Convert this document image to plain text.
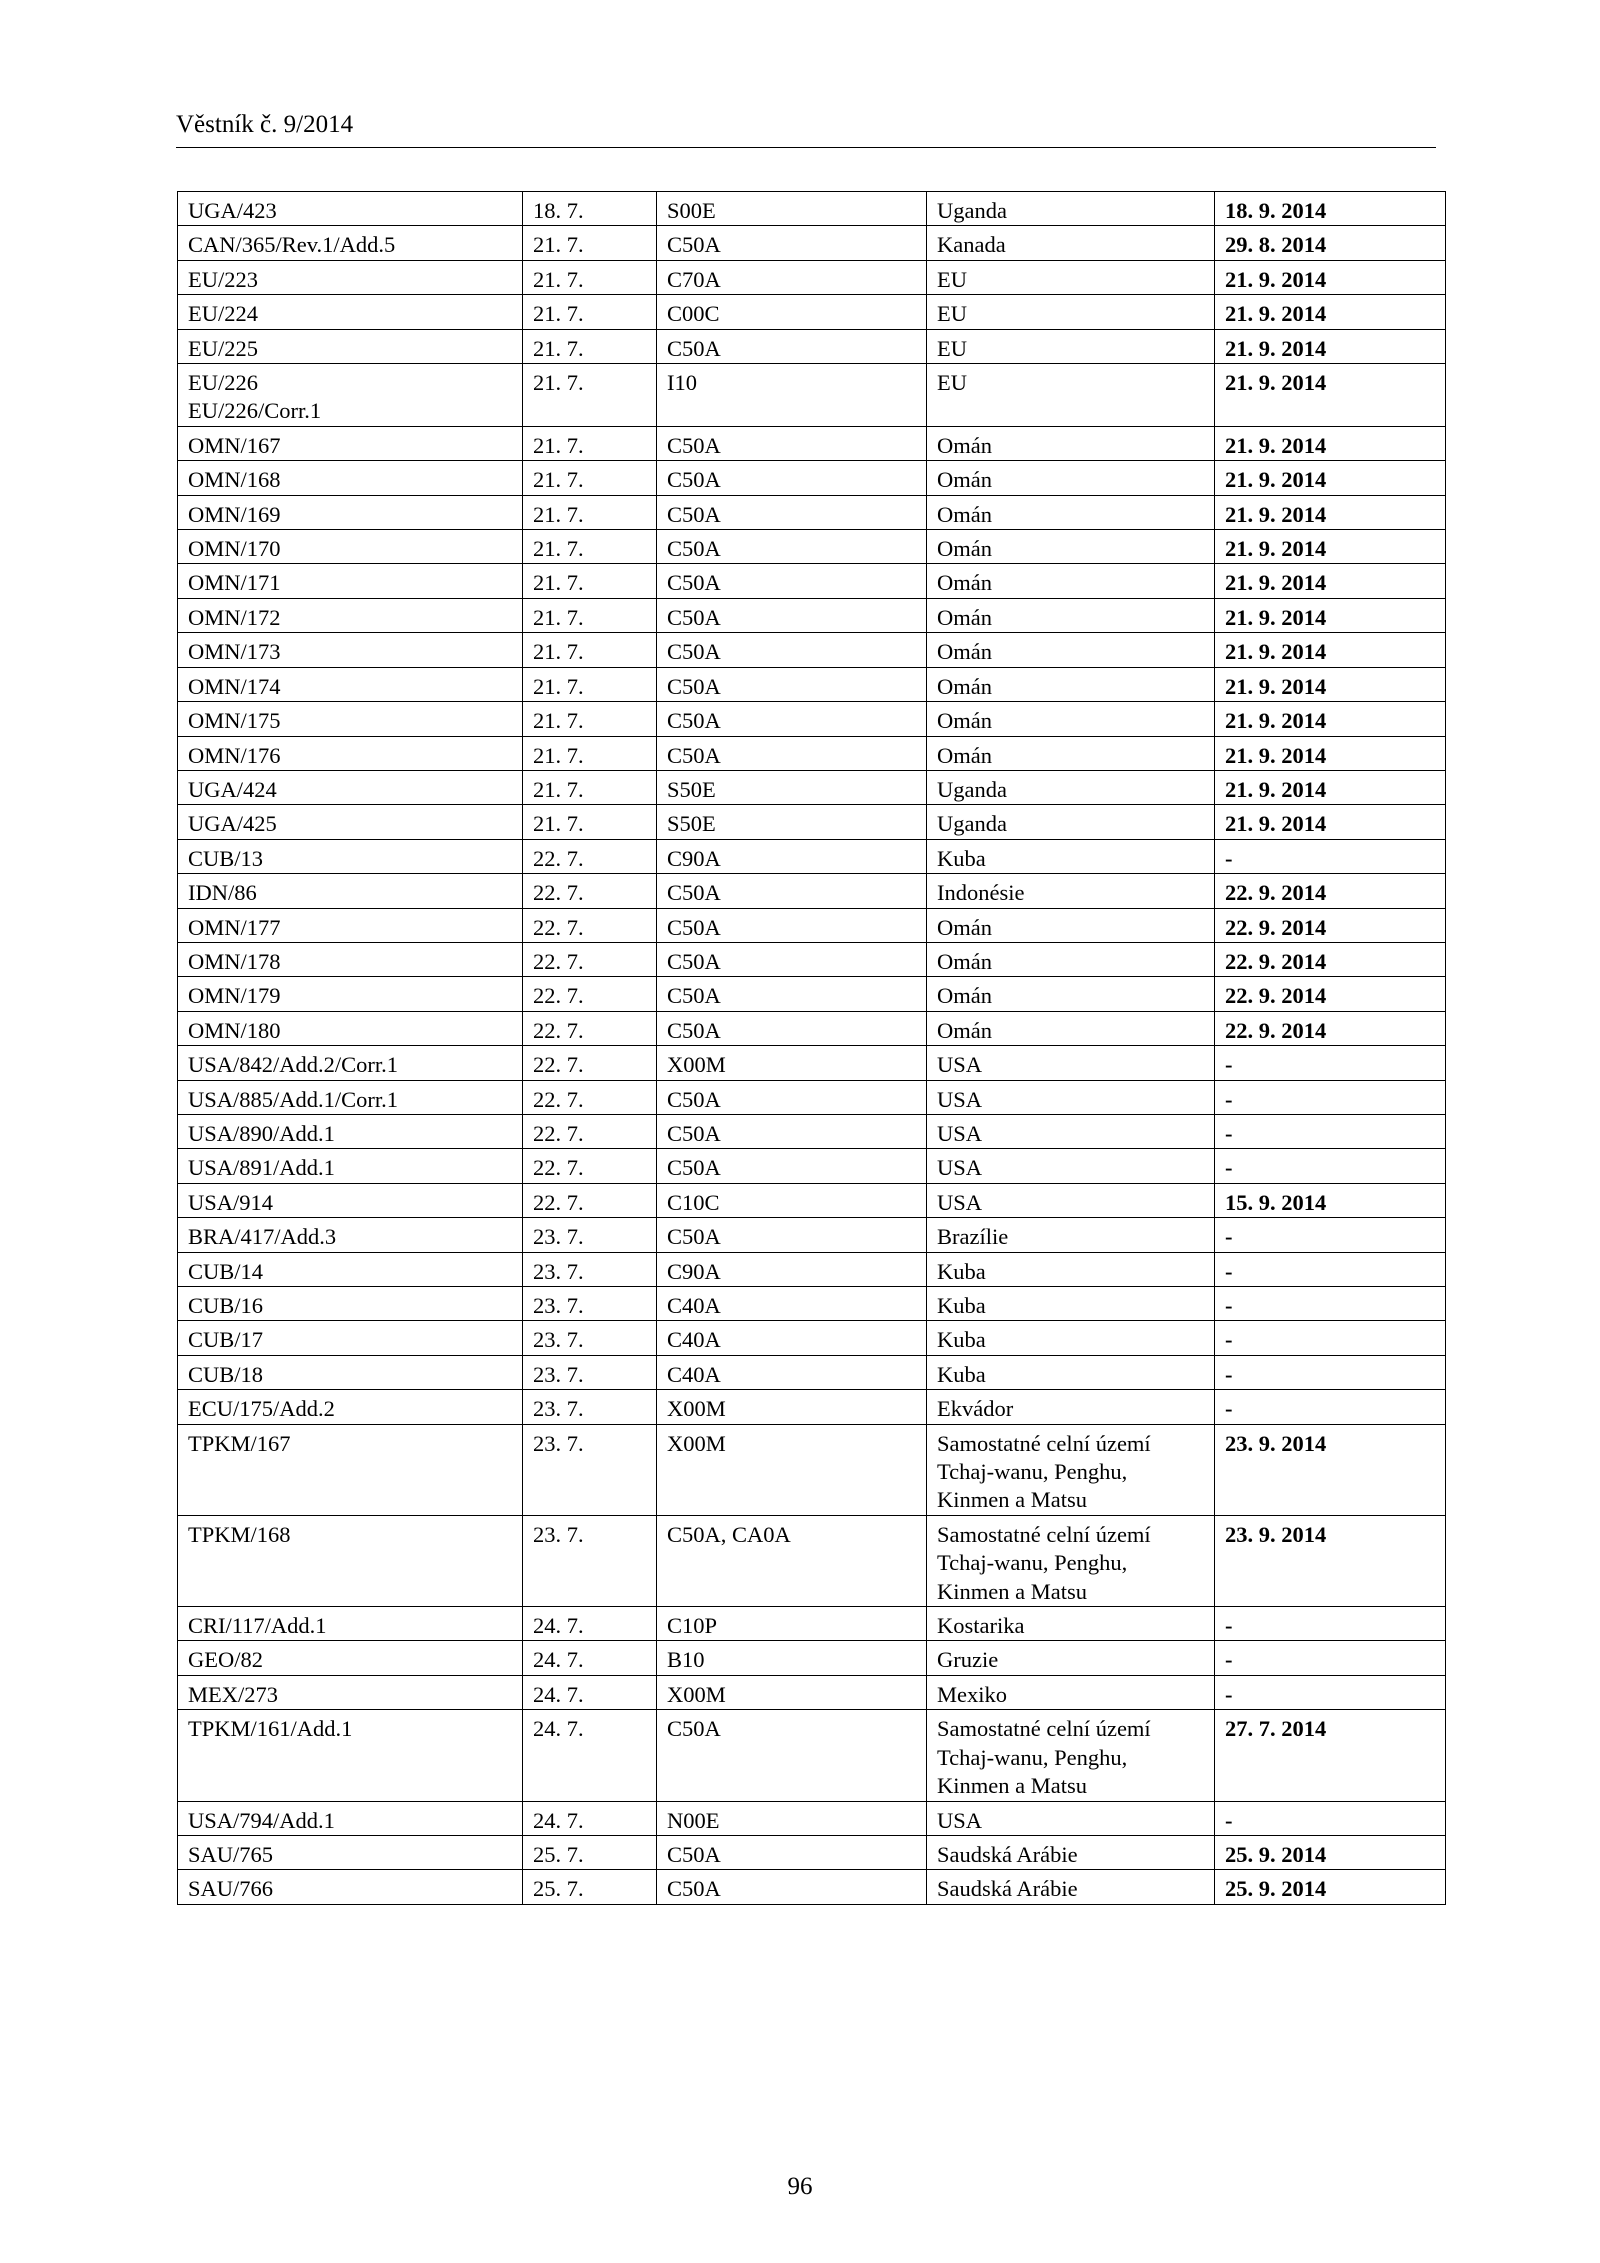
Věstník č. 9/2014
UGA/423	18. 7.	S00E	Uganda	18. 9. 2014

CAN/365/Rev.1/Add.5	21. 7.	C50A	Kanada	29. 8. 2014

EU/223	21. 7.	C70A	EU	21. 9. 2014

EU/224	21. 7.	C00C	EU	21. 9. 2014

EU/225	21. 7.	C50A	EU	21. 9. 2014

EU/226
EU/226/Corr.1	21. 7.	I10	EU	21. 9. 2014

OMN/167	21. 7.	C50A	Omán	21. 9. 2014

OMN/168	21. 7.	C50A	Omán	21. 9. 2014

OMN/169	21. 7.	C50A	Omán	21. 9. 2014

OMN/170	21. 7.	C50A	Omán	21. 9. 2014

OMN/171	21. 7.	C50A	Omán	21. 9. 2014

OMN/172	21. 7.	C50A	Omán	21. 9. 2014

OMN/173	21. 7.	C50A	Omán	21. 9. 2014

OMN/174	21. 7.	C50A	Omán	21. 9. 2014

OMN/175	21. 7.	C50A	Omán	21. 9. 2014

OMN/176	21. 7.	C50A	Omán	21. 9. 2014

UGA/424	21. 7.	S50E	Uganda	21. 9. 2014

UGA/425	21. 7.	S50E	Uganda	21. 9. 2014

CUB/13	22. 7.	C90A	Kuba	-

IDN/86	22. 7.	C50A	Indonésie	22. 9. 2014

OMN/177	22. 7.	C50A	Omán	22. 9. 2014

OMN/178	22. 7.	C50A	Omán	22. 9. 2014

OMN/179	22. 7.	C50A	Omán	22. 9. 2014

OMN/180	22. 7.	C50A	Omán	22. 9. 2014

USA/842/Add.2/Corr.1	22. 7.	X00M	USA	-

USA/885/Add.1/Corr.1	22. 7.	C50A	USA	-

USA/890/Add.1	22. 7.	C50A	USA	-

USA/891/Add.1	22. 7.	C50A	USA	-

USA/914	22. 7.	C10C	USA	15. 9. 2014

BRA/417/Add.3	23. 7.	C50A	Brazílie	-

CUB/14	23. 7.	C90A	Kuba	-

CUB/16	23. 7.	C40A	Kuba	-

CUB/17	23. 7.	C40A	Kuba	-

CUB/18	23. 7.	C40A	Kuba	-

ECU/175/Add.2	23. 7.	X00M	Ekvádor	-

TPKM/167	23. 7.	X00M	Samostatné celní území
Tchaj-wanu, Penghu,
Kinmen a Matsu	23. 9. 2014

TPKM/168	23. 7.	C50A, CA0A	Samostatné celní území
Tchaj-wanu, Penghu,
Kinmen a Matsu	23. 9. 2014

CRI/117/Add.1	24. 7.	C10P	Kostarika	-

GEO/82	24. 7.	B10	Gruzie	-

MEX/273	24. 7.	X00M	Mexiko	-

TPKM/161/Add.1	24. 7.	C50A	Samostatné celní území
Tchaj-wanu, Penghu,
Kinmen a Matsu	27. 7. 2014

USA/794/Add.1	24. 7.	N00E	USA	-

SAU/765	25. 7.	C50A	Saudská Arábie	25. 9. 2014

SAU/766	25. 7.	C50A	Saudská Arábie	25. 9. 2014
96
